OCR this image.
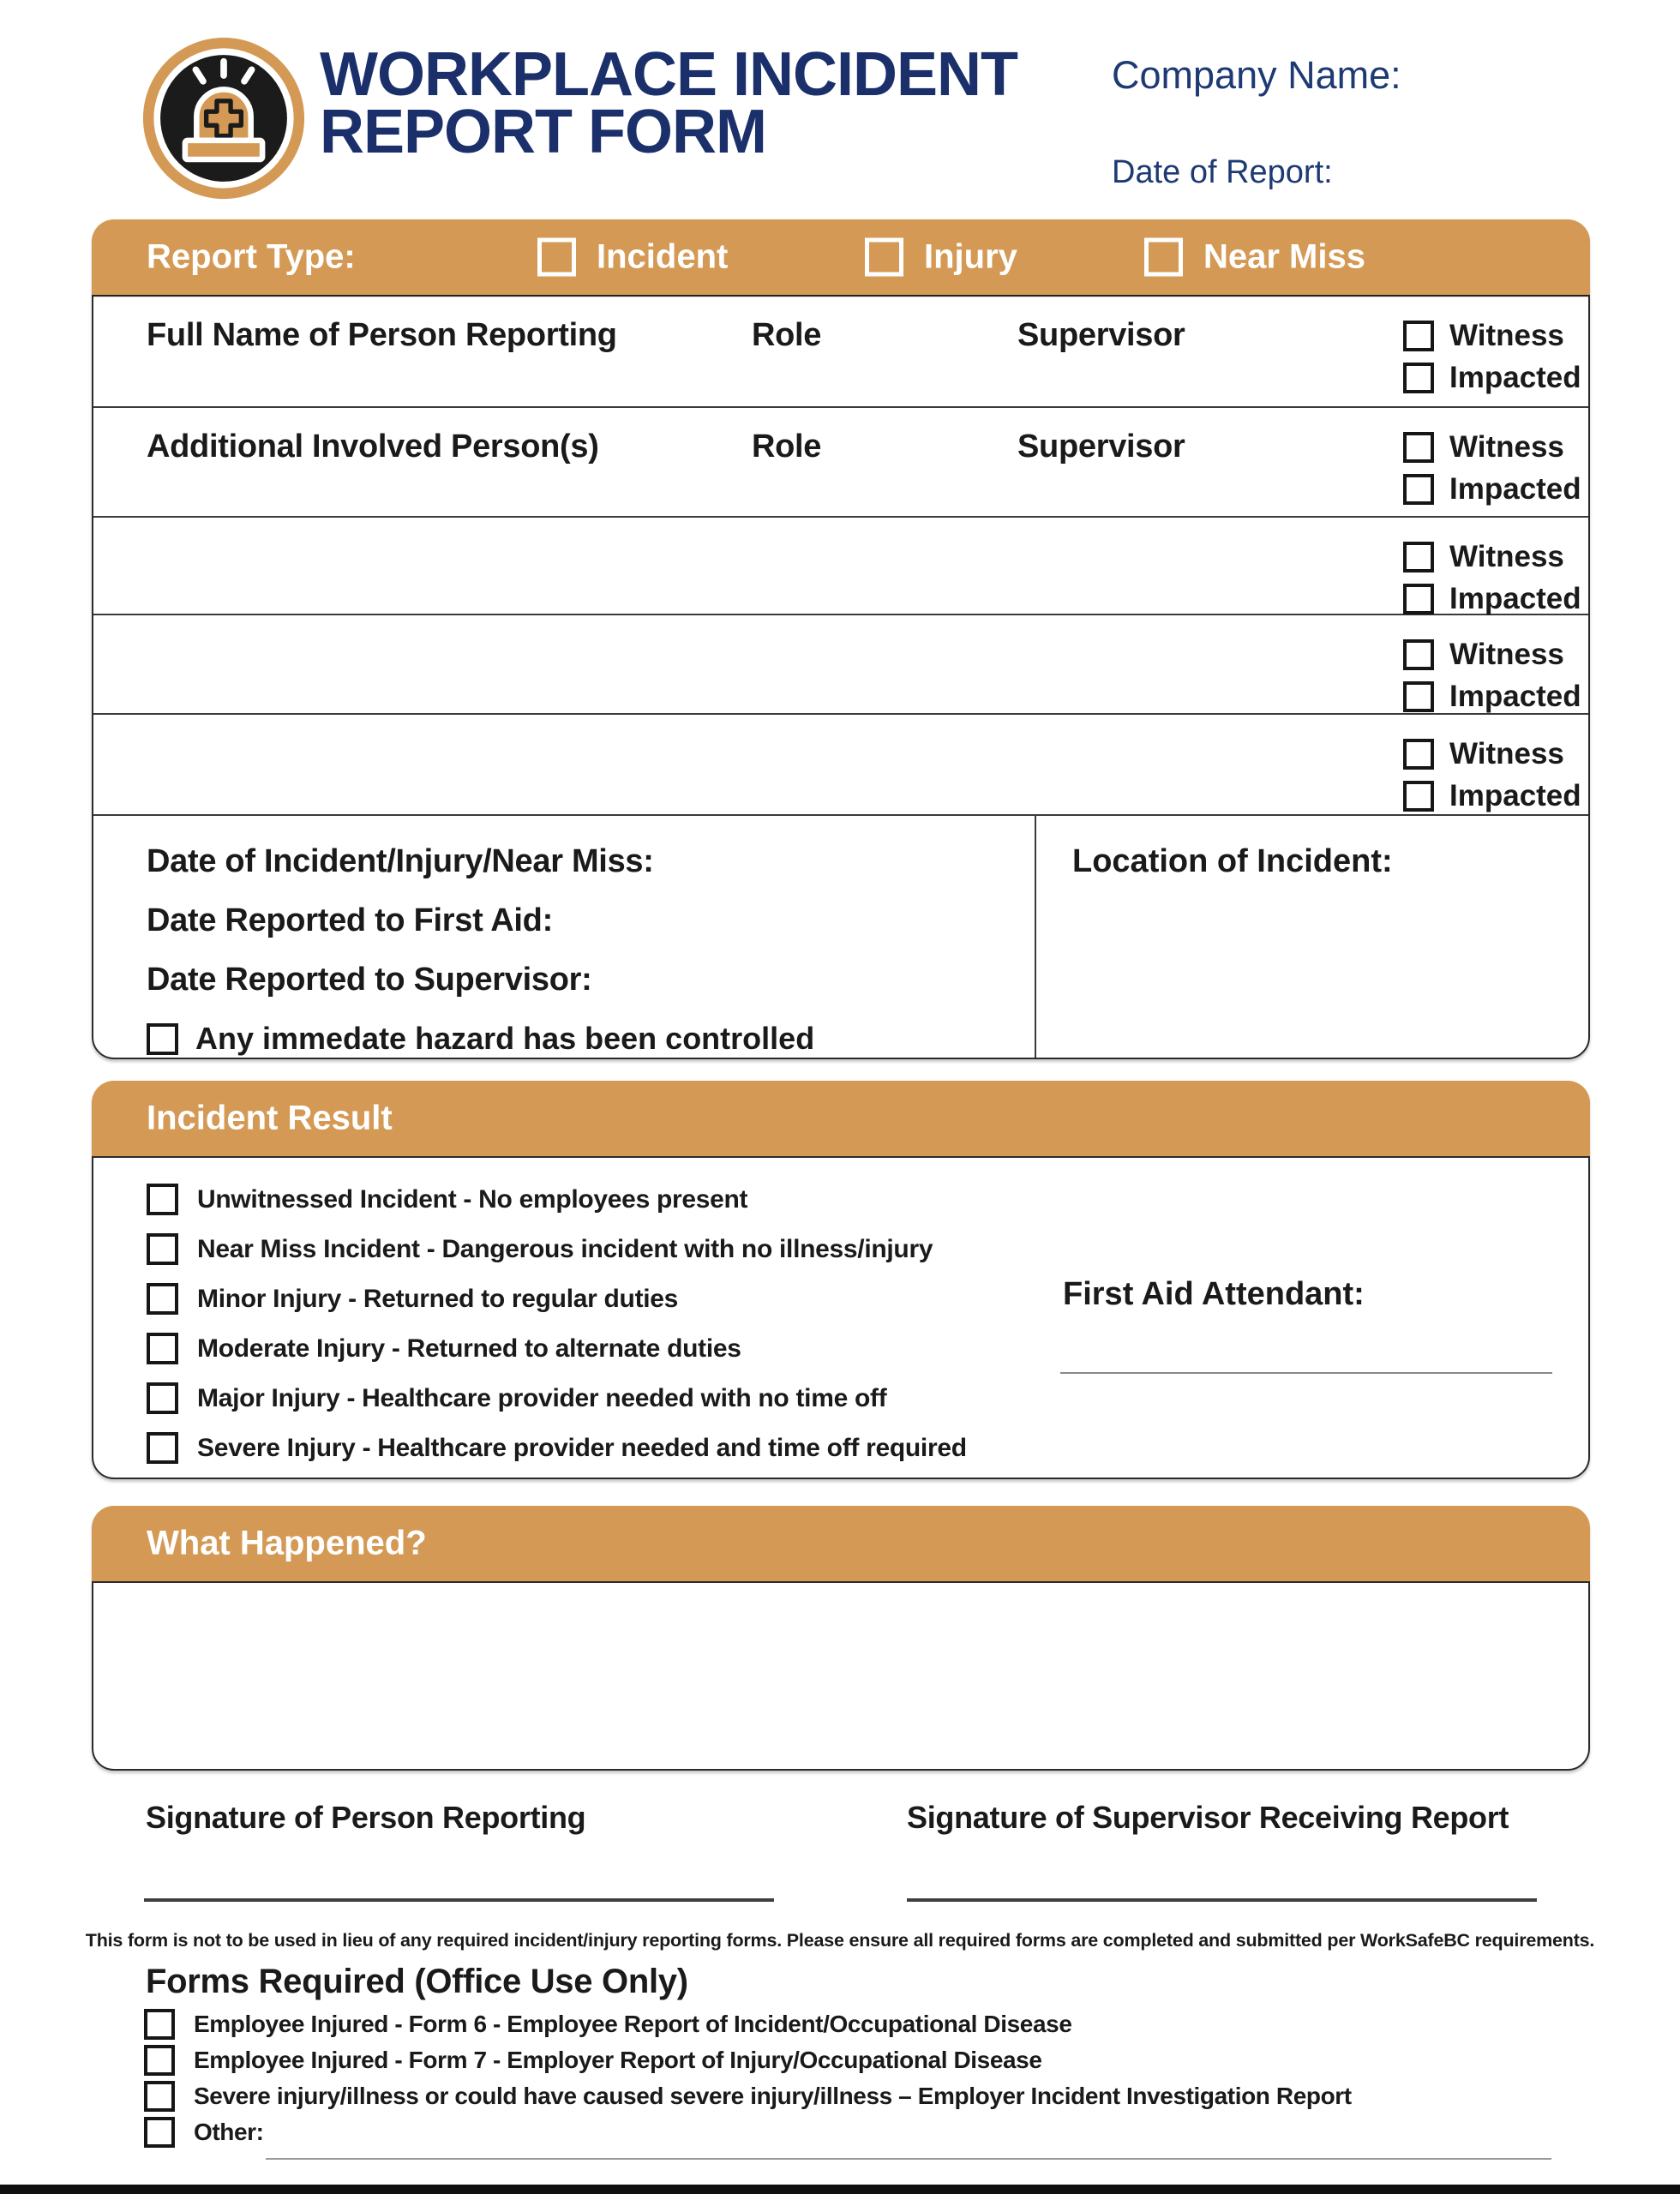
WORKPLACE INCIDENT
REPORT FORM
Company Name:
Date of Report:
Report Type:	Incident	Injury	Near Miss
Full Name of Person Reporting	Role	Supervisor	Witness
Impacted
Additional Involved Person(s)	Role	Supervisor	Witness
Impacted
Witness
Impacted
Witness
Impacted
Witness
Impacted
Date of Incident/Injury/Near Miss:
Date Reported to First Aid:
Date Reported to Supervisor:
Any immedate hazard has been controlled
Location of Incident:
Incident Result
Unwitnessed Incident - No employees present
Near Miss Incident - Dangerous incident with no illness/injury
Minor Injury - Returned to regular duties
Moderate Injury - Returned to alternate duties
Major Injury - Healthcare provider needed with no time off
Severe Injury - Healthcare provider needed and time off required
First Aid Attendant:
What Happened?
Signature of Person Reporting	Signature of Supervisor Receiving Report
This form is not to be used in lieu of any required incident/injury reporting forms. Please ensure all required forms are completed and submitted per WorkSafeBC requirements.
Forms Required (Office Use Only)
Employee Injured - Form 6 - Employee Report of Incident/Occupational Disease
Employee Injured - Form 7 - Employer Report of Injury/Occupational Disease
Severe injury/illness or could have caused severe injury/illness – Employer Incident Investigation Report
Other:
